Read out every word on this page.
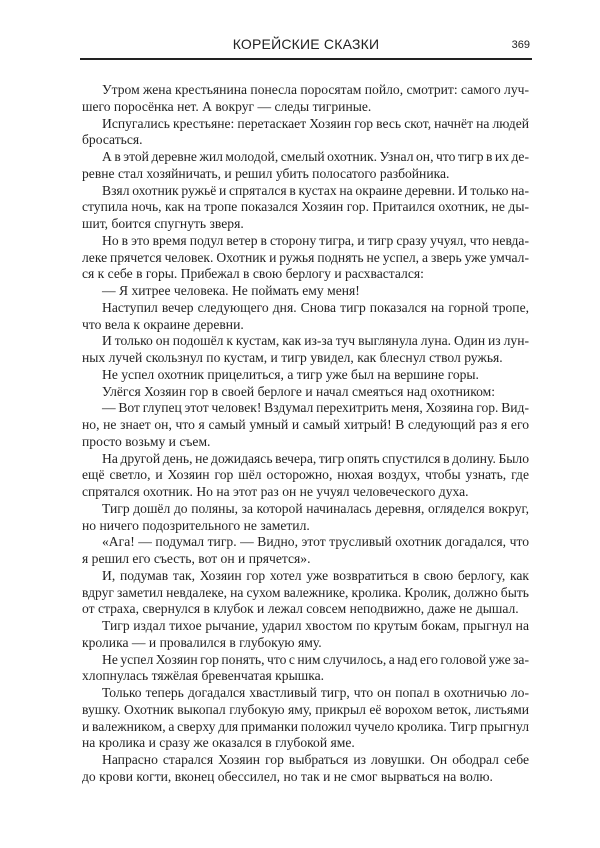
КОРЕЙСКИЕ СКАЗКИ	369
Утром жена крестьянина понесла поросятам пойло, смотрит: самого луч-
шего поросёнка нет. А вокруг — следы тигриные.
Испугались крестьяне: перетаскает Хозяин гор весь скот, начнёт на людей
бросаться.
А в этой деревне жил молодой, смелый охотник. Узнал он, что тигр в их де-
ревне стал хозяйничать, и решил убить полосатого разбойника.
Взял охотник ружьё и спрятался в кустах на окраине деревни. И только на-
ступила ночь, как на тропе показался Хозяин гор. Притаился охотник, не ды-
шит, боится спугнуть зверя.
Но в это время подул ветер в сторону тигра, и тигр сразу учуял, что невда-
леке прячется человек. Охотник и ружья поднять не успел, а зверь уже умчал-
ся к себе в горы. Прибежал в свою берлогу и расхвастался:
— Я хитрее человека. Не поймать ему меня!
Наступил вечер следующего дня. Снова тигр показался на горной тропе,
что вела к окраине деревни.
И только он подошёл к кустам, как из-за туч выглянула луна. Один из лун-
ных лучей скользнул по кустам, и тигр увидел, как блеснул ствол ружья.
Не успел охотник прицелиться, а тигр уже был на вершине горы.
Улёгся Хозяин гор в своей берлоге и начал смеяться над охотником:
— Вот глупец этот человек! Вздумал перехитрить меня, Хозяина гор. Вид-
но, не знает он, что я самый умный и самый хитрый! В следующий раз я его
просто возьму и съем.
На другой день, не дожидаясь вечера, тигр опять спустился в долину. Было
ещё светло, и Хозяин гор шёл осторожно, нюхая воздух, чтобы узнать, где
спрятался охотник. Но на этот раз он не учуял человеческого духа.
Тигр дошёл до поляны, за которой начиналась деревня, огляделся вокруг,
но ничего подозрительного не заметил.
«Ага! — подумал тигр. — Видно, этот трусливый охотник догадался, что
я решил его съесть, вот он и прячется».
И, подумав так, Хозяин гор хотел уже возвратиться в свою берлогу, как
вдруг заметил невдалеке, на сухом валежнике, кролика. Кролик, должно быть
от страха, свернулся в клубок и лежал совсем неподвижно, даже не дышал.
Тигр издал тихое рычание, ударил хвостом по крутым бокам, прыгнул на
кролика — и провалился в глубокую яму.
Не успел Хозяин гор понять, что с ним случилось, а над его головой уже за-
хлопнулась тяжёлая бревенчатая крышка.
Только теперь догадался хвастливый тигр, что он попал в охотничью ло-
вушку. Охотник выкопал глубокую яму, прикрыл её ворохом веток, листьями
и валежником, а сверху для приманки положил чучело кролика. Тигр прыгнул
на кролика и сразу же оказался в глубокой яме.
Напрасно старался Хозяин гор выбраться из ловушки. Он ободрал себе
до крови когти, вконец обессилел, но так и не смог вырваться на волю.
